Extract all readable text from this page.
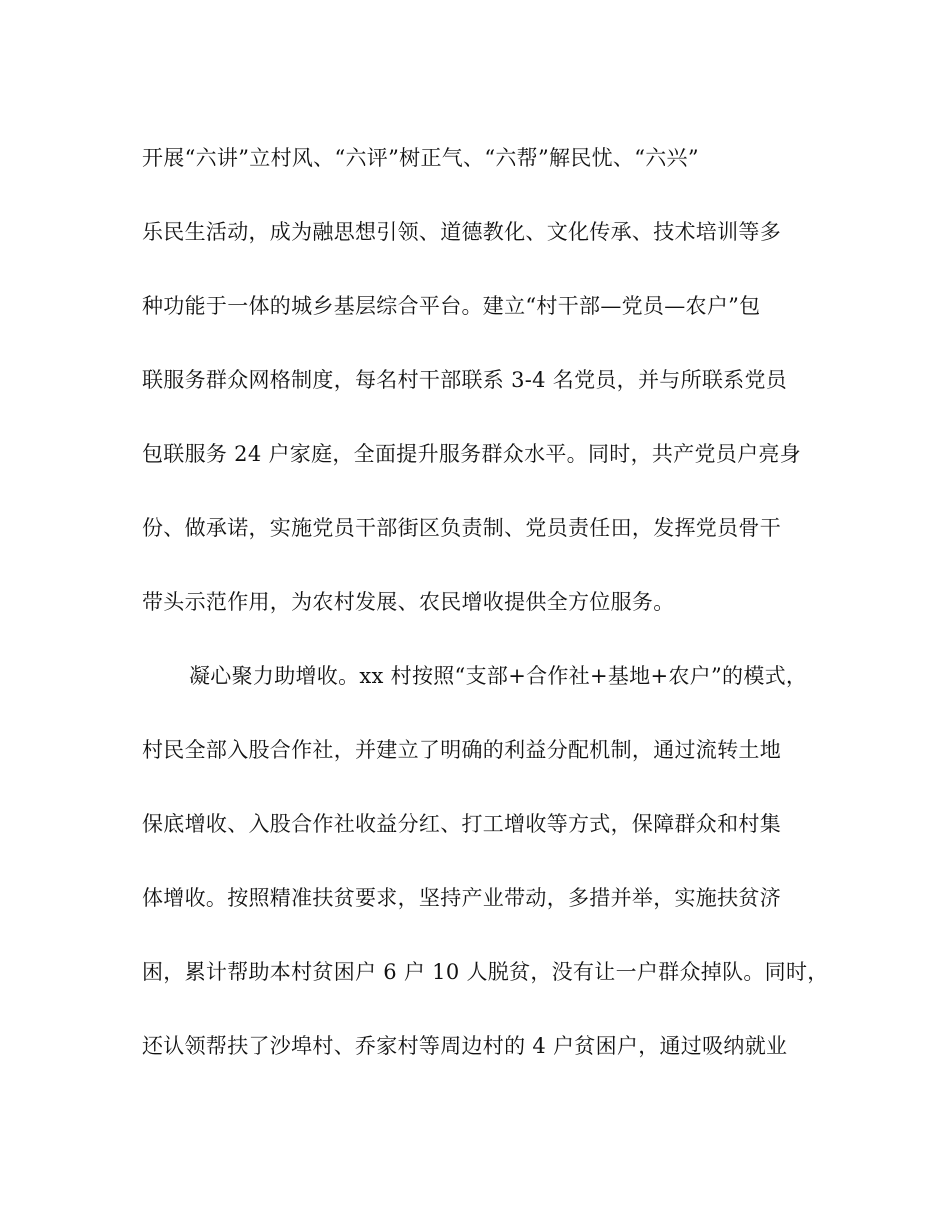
开展“六讲”立村风、“六评”树正气、“六帮”解民忧、“六兴”

乐民生活动，成为融思想引领、道德教化、文化传承、技术培训等多

种功能于一体的城乡基层综合平台。建立“村干部—党员—农户”包

联服务群众网格制度，每名村干部联系 3-4 名党员，并与所联系党员

包联服务 24 户家庭，全面提升服务群众水平。同时，共产党员户亮身

份、做承诺，实施党员干部街区负责制、党员责任田，发挥党员骨干

带头示范作用，为农村发展、农民增收提供全方位服务。

凝心聚力助增收。xx 村按照“支部+合作社+基地+农户”的模式，

村民全部入股合作社，并建立了明确的利益分配机制，通过流转土地

保底增收、入股合作社收益分红、打工增收等方式，保障群众和村集

体增收。按照精准扶贫要求，坚持产业带动，多措并举，实施扶贫济

困，累计帮助本村贫困户 6 户 10 人脱贫，没有让一户群众掉队。同时，

还认领帮扶了沙埠村、乔家村等周边村的 4 户贫困户，通过吸纳就业
